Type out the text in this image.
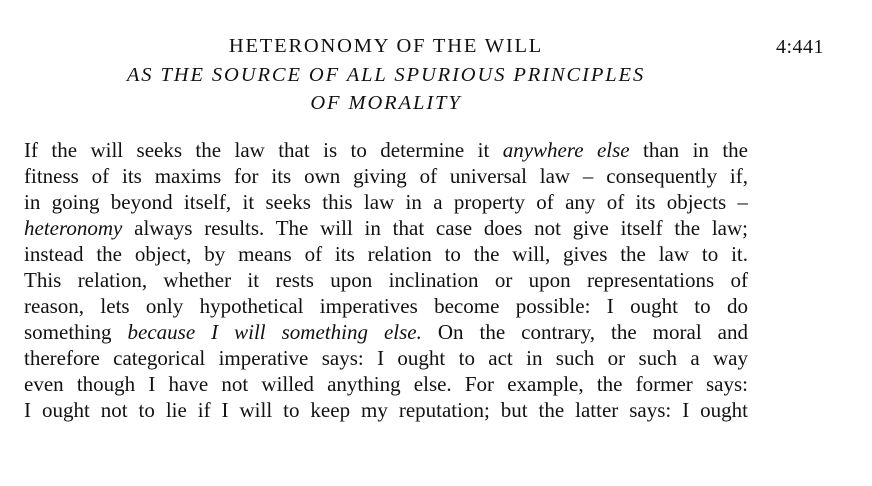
HETERONOMY OF THE WILL
AS THE SOURCE OF ALL SPURIOUS PRINCIPLES
OF MORALITY
4:441
If the will seeks the law that is to determine it anywhere else than in the
fitness of its maxims for its own giving of universal law – consequently if,
in going beyond itself, it seeks this law in a property of any of its objects –
heteronomy always results. The will in that case does not give itself the law;
instead the object, by means of its relation to the will, gives the law to it.
This relation, whether it rests upon inclination or upon representations of
reason, lets only hypothetical imperatives become possible: I ought to do
something because I will something else. On the contrary, the moral and
therefore categorical imperative says: I ought to act in such or such a way
even though I have not willed anything else. For example, the former says:
I ought not to lie if I will to keep my reputation; but the latter says: I ought
